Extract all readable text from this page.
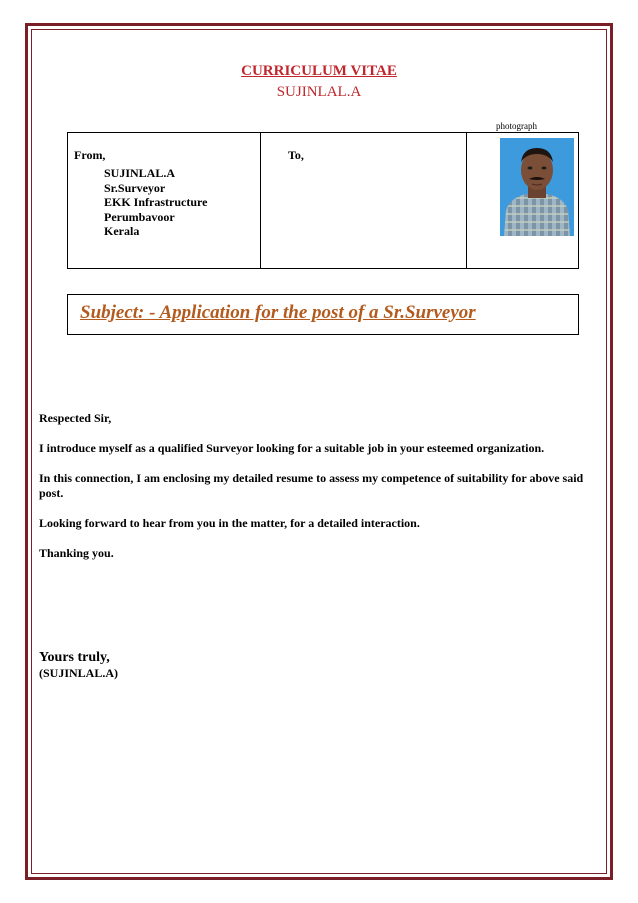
CURRICULUM VITAE
SUJINLAL.A
photograph
From,
SUJINLAL.A
Sr.Surveyor
EKK Infrastructure
Perumbavoor
Kerala
To,
Subject: - Application for the post of a Sr.Surveyor
Respected Sir,
I introduce myself as a qualified Surveyor looking for a suitable job in your esteemed organization.
In this connection, I am enclosing my detailed resume to assess my competence of suitability for above said post.
Looking forward to hear from you in the matter, for a detailed interaction.
Thanking you.
Yours truly,
(SUJINLAL.A)
